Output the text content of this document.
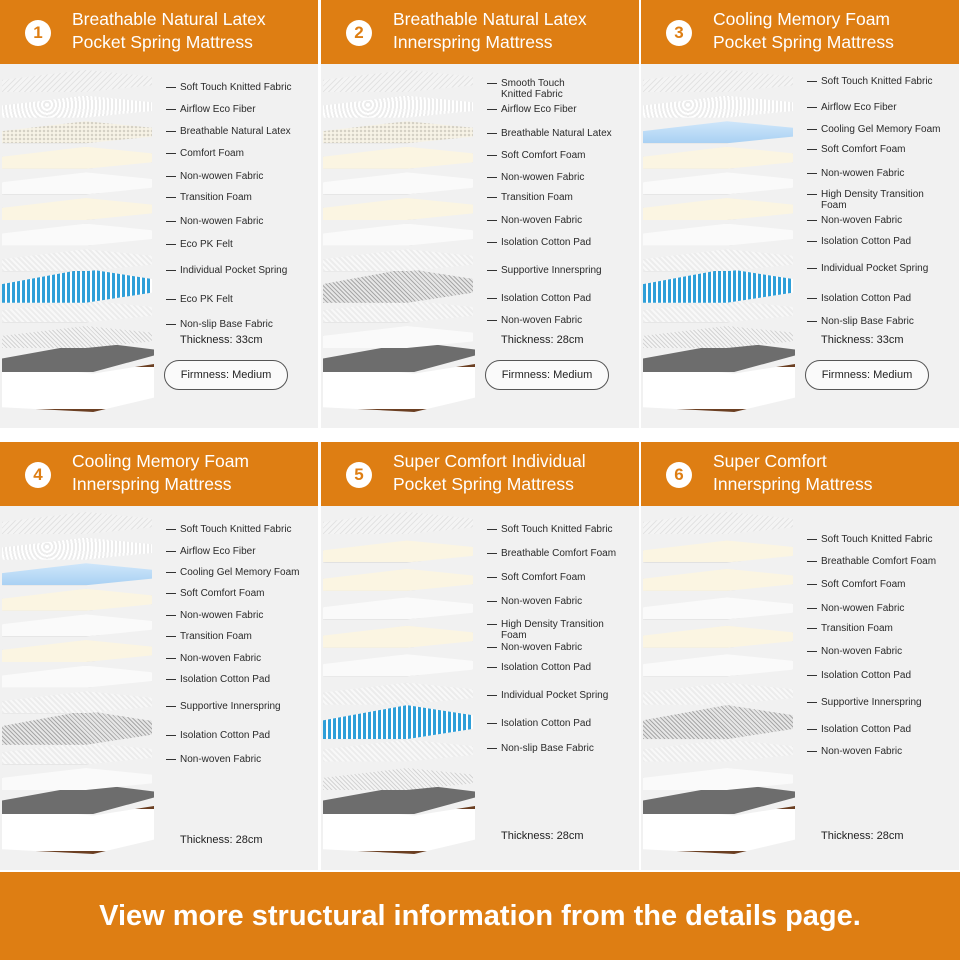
1
Breathable Natural Latex
Pocket Spring Mattress
Soft Touch Knitted Fabric
Airflow Eco Fiber
Breathable Natural Latex
Comfort Foam
Non-wowen Fabric
Transition Foam
Non-wowen Fabric
Eco PK Felt
Individual Pocket Spring
Eco PK Felt
Non-slip Base Fabric
Thickness: 33cm
Firmness: Medium
2
Breathable Natural Latex
Innerspring Mattress
Smooth Touch
Knitted Fabric
Airflow Eco Fiber
Breathable Natural Latex
Soft Comfort Foam
Non-wowen Fabric
Transition Foam
Non-woven Fabric
Isolation Cotton Pad
Supportive Innerspring
Isolation Cotton Pad
Non-woven Fabric
Thickness: 28cm
Firmness: Medium
3
Cooling Memory Foam
Pocket Spring Mattress
Soft Touch Knitted Fabric
Airflow Eco Fiber
Cooling Gel Memory Foam
Soft Comfort Foam
Non-wowen Fabric
High Density Transition
Foam
Non-woven Fabric
Isolation Cotton Pad
Individual Pocket Spring
Isolation Cotton Pad
Non-slip Base Fabric
Thickness: 33cm
Firmness: Medium
4
Cooling Memory Foam
Innerspring Mattress
Soft Touch Knitted Fabric
Airflow Eco Fiber
Cooling Gel Memory Foam
Soft Comfort Foam
Non-wowen Fabric
Transition Foam
Non-woven Fabric
Isolation Cotton Pad
Supportive Innerspring
Isolation Cotton Pad
Non-woven Fabric
Thickness: 28cm
5
Super Comfort Individual
Pocket Spring Mattress
Soft Touch Knitted Fabric
Breathable Comfort Foam
Soft Comfort Foam
Non-woven Fabric
High Density Transition
Foam
Non-woven Fabric
Isolation Cotton Pad
Individual Pocket Spring
Isolation Cotton Pad
Non-slip Base Fabric
Thickness: 28cm
6
Super Comfort
Innerspring Mattress
Soft Touch Knitted Fabric
Breathable Comfort Foam
Soft Comfort Foam
Non-wowen Fabric
Transition Foam
Non-woven Fabric
Isolation Cotton Pad
Supportive Innerspring
Isolation Cotton Pad
Non-woven Fabric
Thickness: 28cm
View more structural information from the details page.
